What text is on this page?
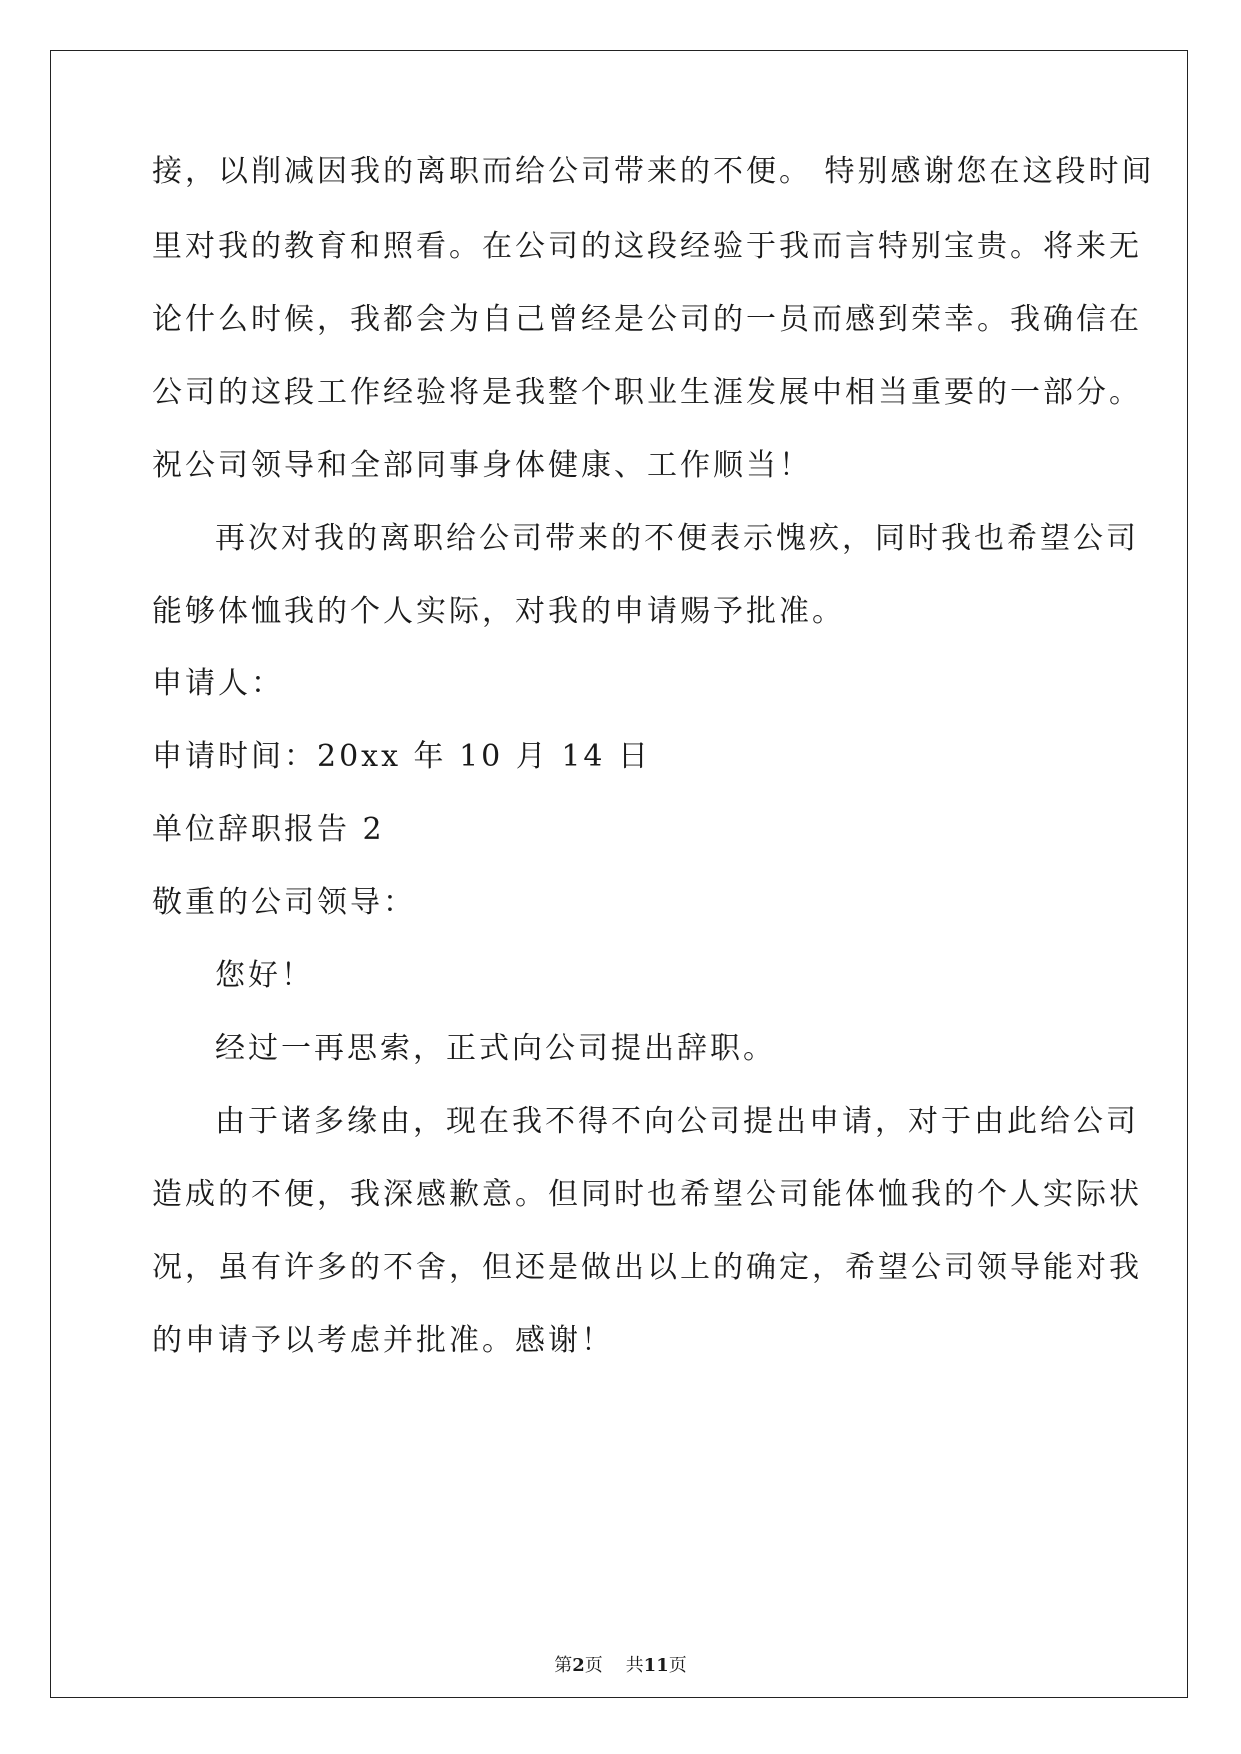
接，以削减因我的离职而给公司带来的不便。 特别感谢您在这段时间
里对我的教育和照看。在公司的这段经验于我而言特别宝贵。将来无
论什么时候，我都会为自己曾经是公司的一员而感到荣幸。我确信在
公司的这段工作经验将是我整个职业生涯发展中相当重要的一部分。
祝公司领导和全部同事身体健康、工作顺当！
再次对我的离职给公司带来的不便表示愧疚，同时我也希望公司
能够体恤我的个人实际，对我的申请赐予批准。
申请人：
申请时间：20xx 年 10 月 14 日
单位辞职报告 2
敬重的公司领导：
您好！
经过一再思索，正式向公司提出辞职。
由于诸多缘由，现在我不得不向公司提出申请，对于由此给公司
造成的不便，我深感歉意。但同时也希望公司能体恤我的个人实际状
况，虽有许多的不舍，但还是做出以上的确定，希望公司领导能对我
的申请予以考虑并批准。感谢！
第2页 共11页
